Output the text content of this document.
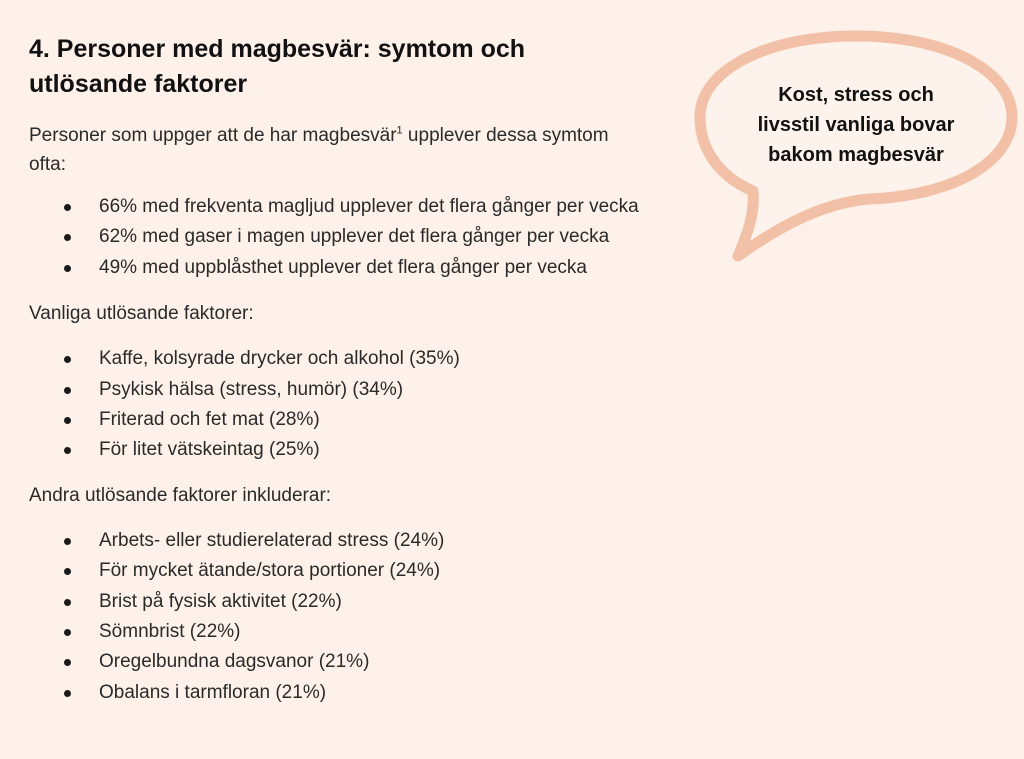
4. Personer med magbesvär: symtom och utlösande faktorer

Personer som uppger att de har magbesvär$^1$ upplever dessa symtom ofta:

66% med frekventa magljud upplever det flera gånger per vecka
62% med gaser i magen upplever det flera gånger per vecka
49% med uppblåsthet upplever det flera gånger per vecka

Vanliga utlösande faktorer:

Kaffe, kolsyrade drycker och alkohol (35%)
Psykisk hälsa (stress, humör) (34%)
Friterad och fet mat (28%)
För litet vätskeintag (25%)

Andra utlösande faktorer inkluderar:

Arbets- eller studierelaterad stress (24%)
För mycket ätande/stora portioner (24%)
Brist på fysisk aktivitet (22%)
Sömnbrist (22%)
Oregelbundna dagsvanor (21%)
Obalans i tarmfloran (21%)
Kost, stress och livsstil vanliga bovar bakom magbesvär
